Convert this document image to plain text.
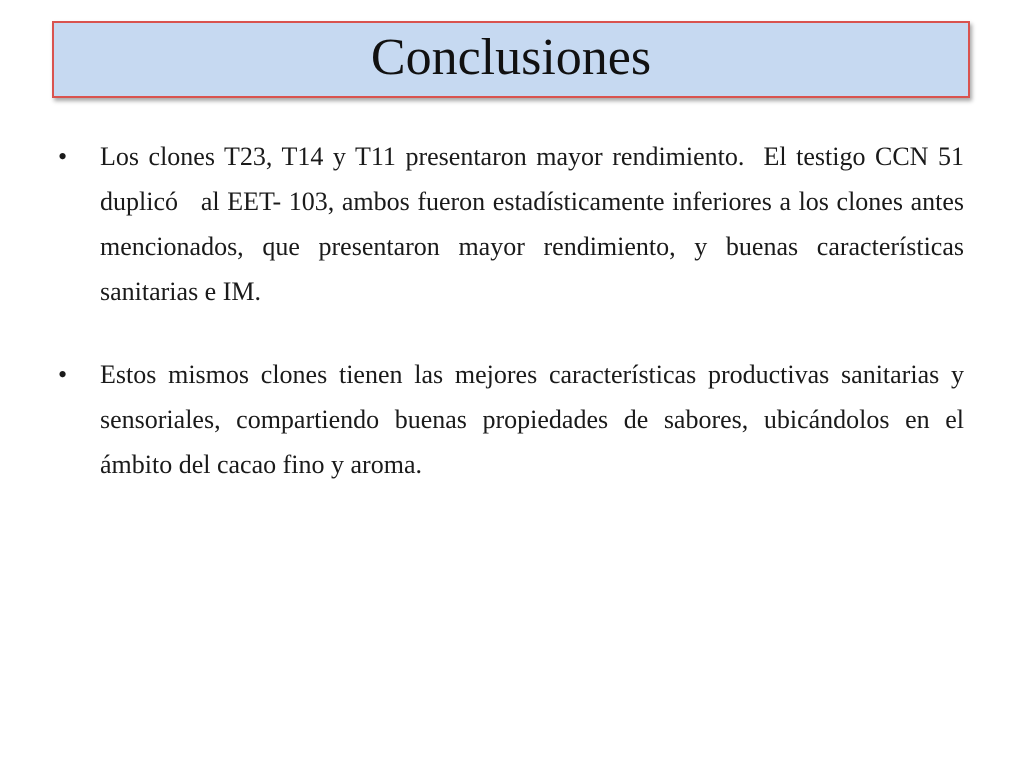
Conclusiones
•	Los clones T23, T14 y T11 presentaron mayor rendimiento.  El testigo CCN 51   duplicó   al EET- 103, ambos fueron estadísticamente inferiores a los clones antes mencionados, que presentaron mayor rendimiento, y buenas características sanitarias e IM.
•	Estos mismos clones tienen las mejores características productivas sanitarias y sensoriales, compartiendo buenas propiedades de sabores, ubicándolos en el ámbito del cacao fino y aroma.
